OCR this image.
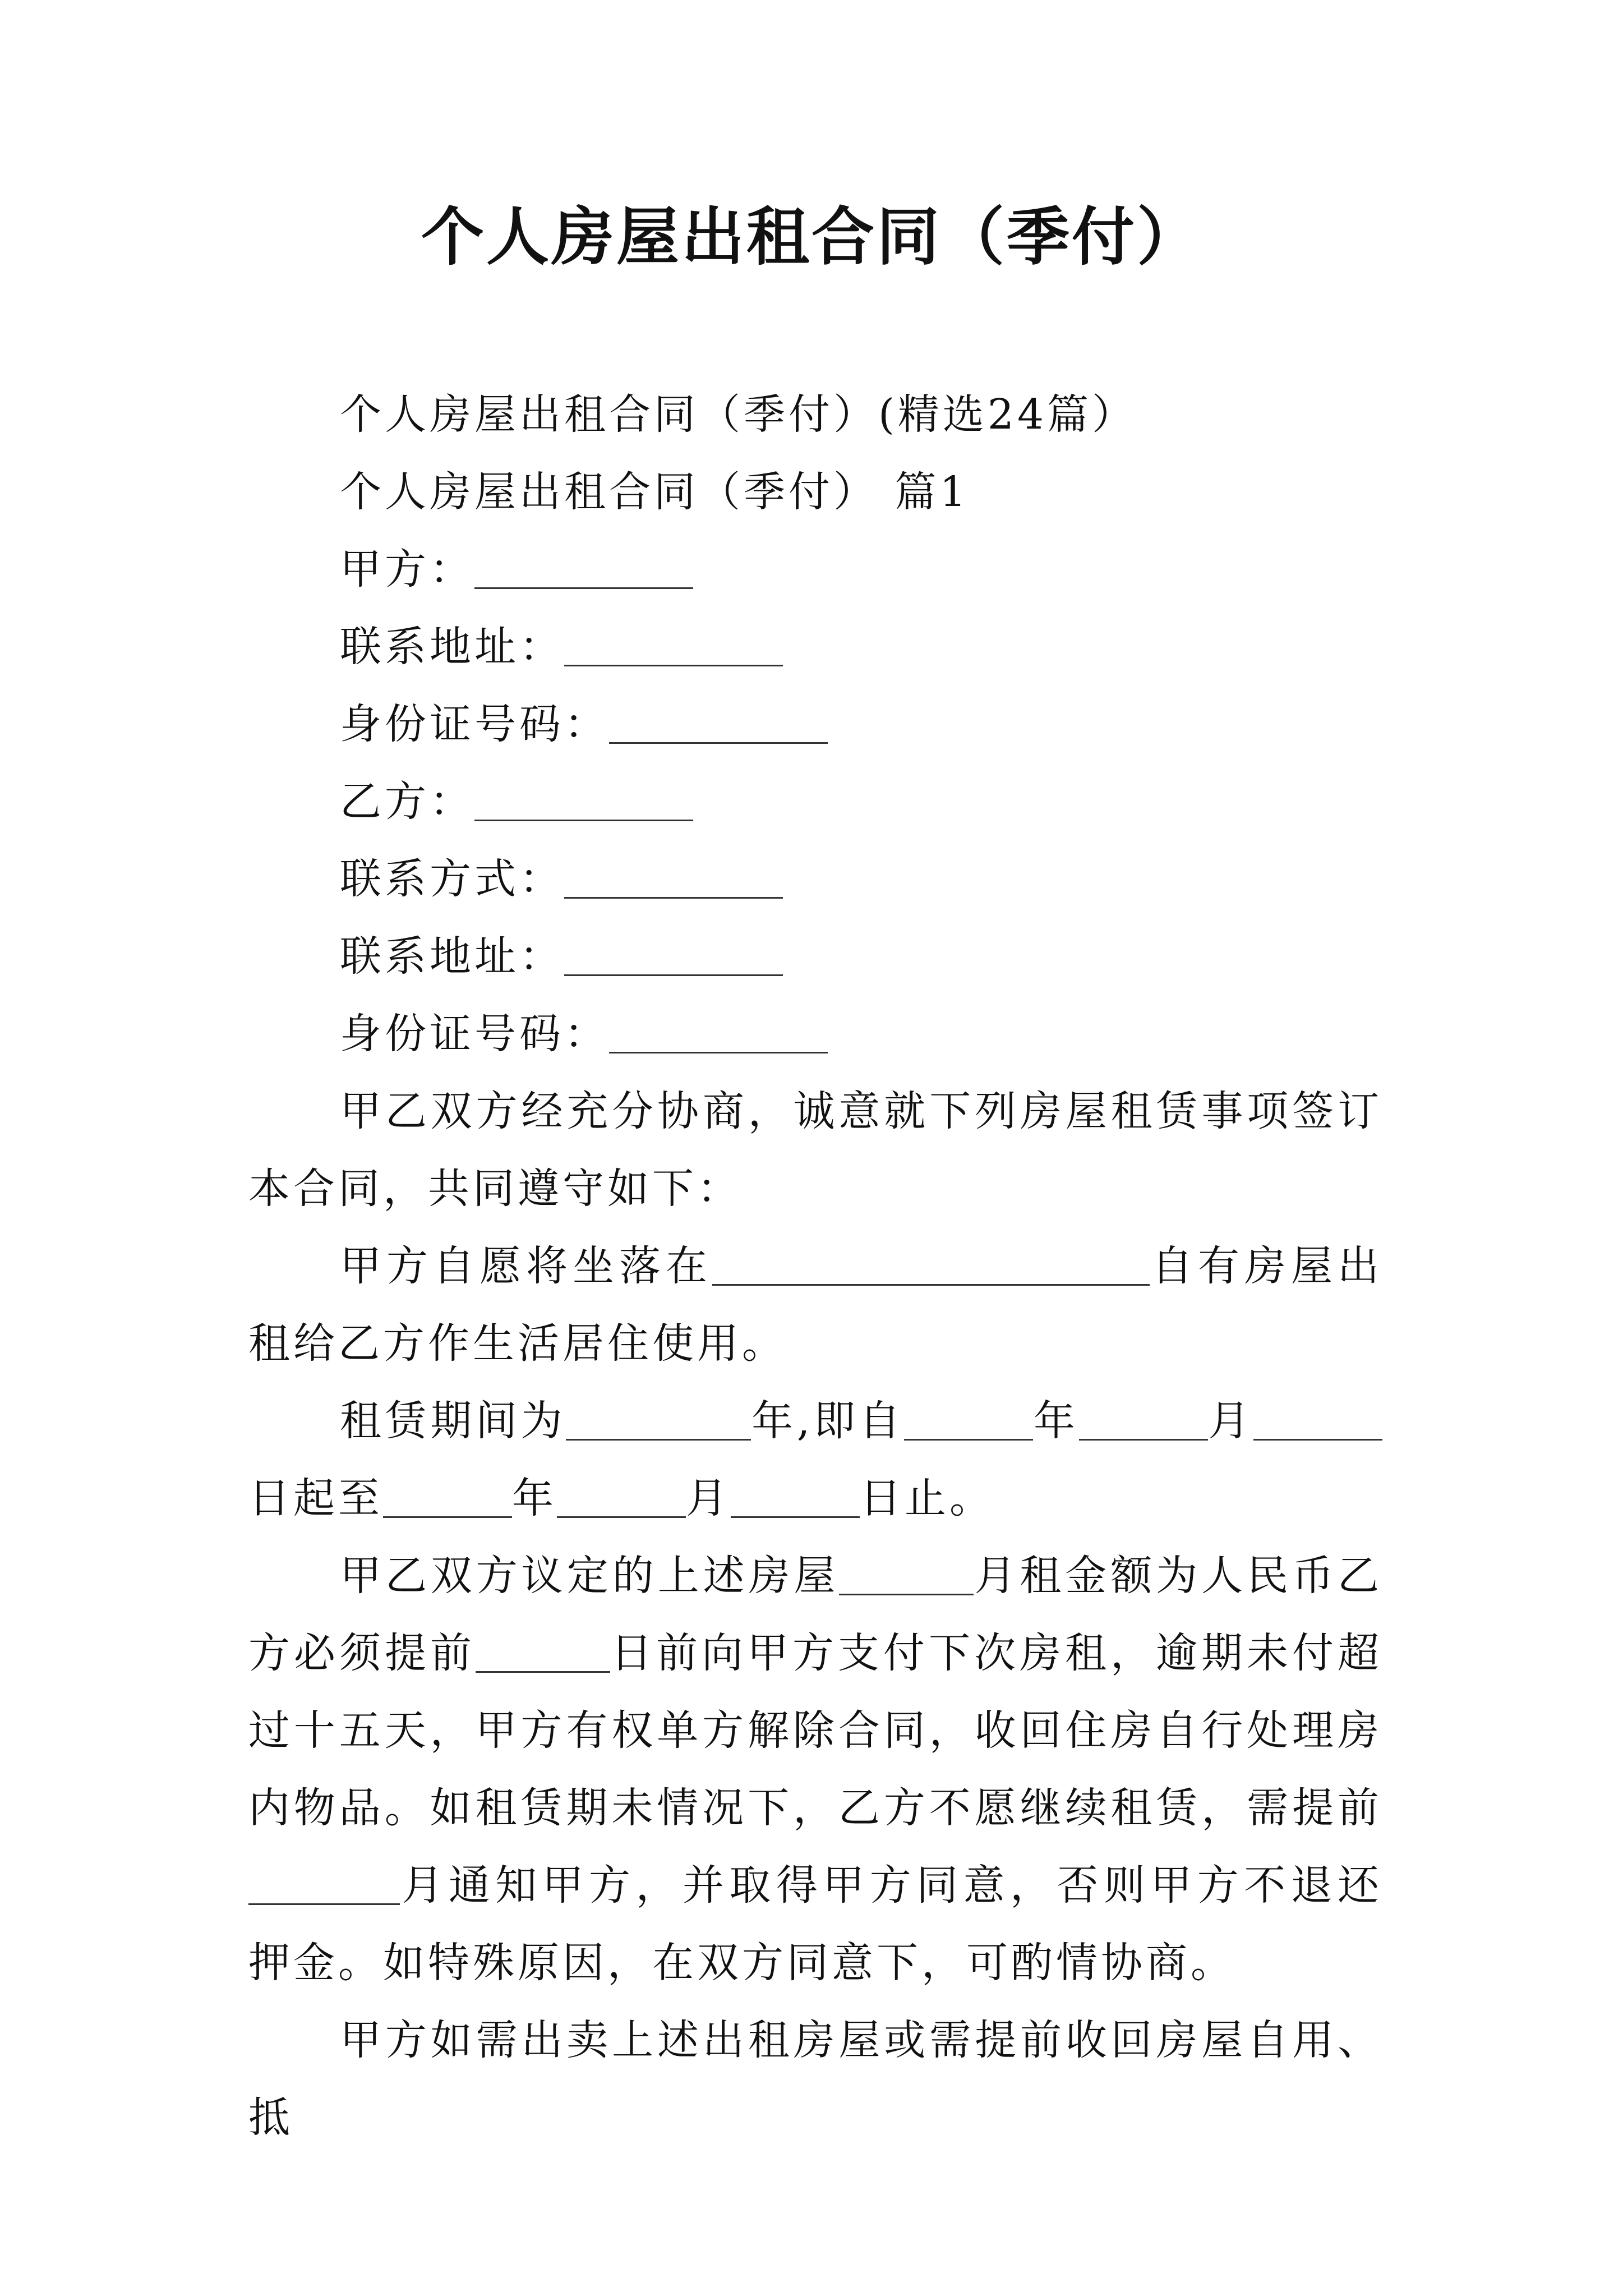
个人房屋出租合同（季付）

个人房屋出租合同（季付）(精选24篇）

个人房屋出租合同（季付） 篇1

甲方：

联系地址：

身份证号码：

乙方：

联系方式：

联系地址：

身份证号码：

甲乙双方经充分协商，诚意就下列房屋租赁事项签订本合同，共同遵守如下：

甲方自愿将坐落在	自有房屋出租给乙方作生活居住使用。

租赁期间为	年,即自	年	月日起至	年	月	日止。

甲乙双方议定的上述房屋	月租金额为人民币乙方必须提前	日前向甲方支付下次房租，逾期未付超过十五天，甲方有权单方解除合同，收回住房自行处理房内物品。如租赁期未情况下，乙方不愿继续租赁，需提前月通知甲方，并取得甲方同意，否则甲方不退还押金。如特殊原因，在双方同意下，可酌情协商。

甲方如需出卖上述出租房屋或需提前收回房屋自用、抵
